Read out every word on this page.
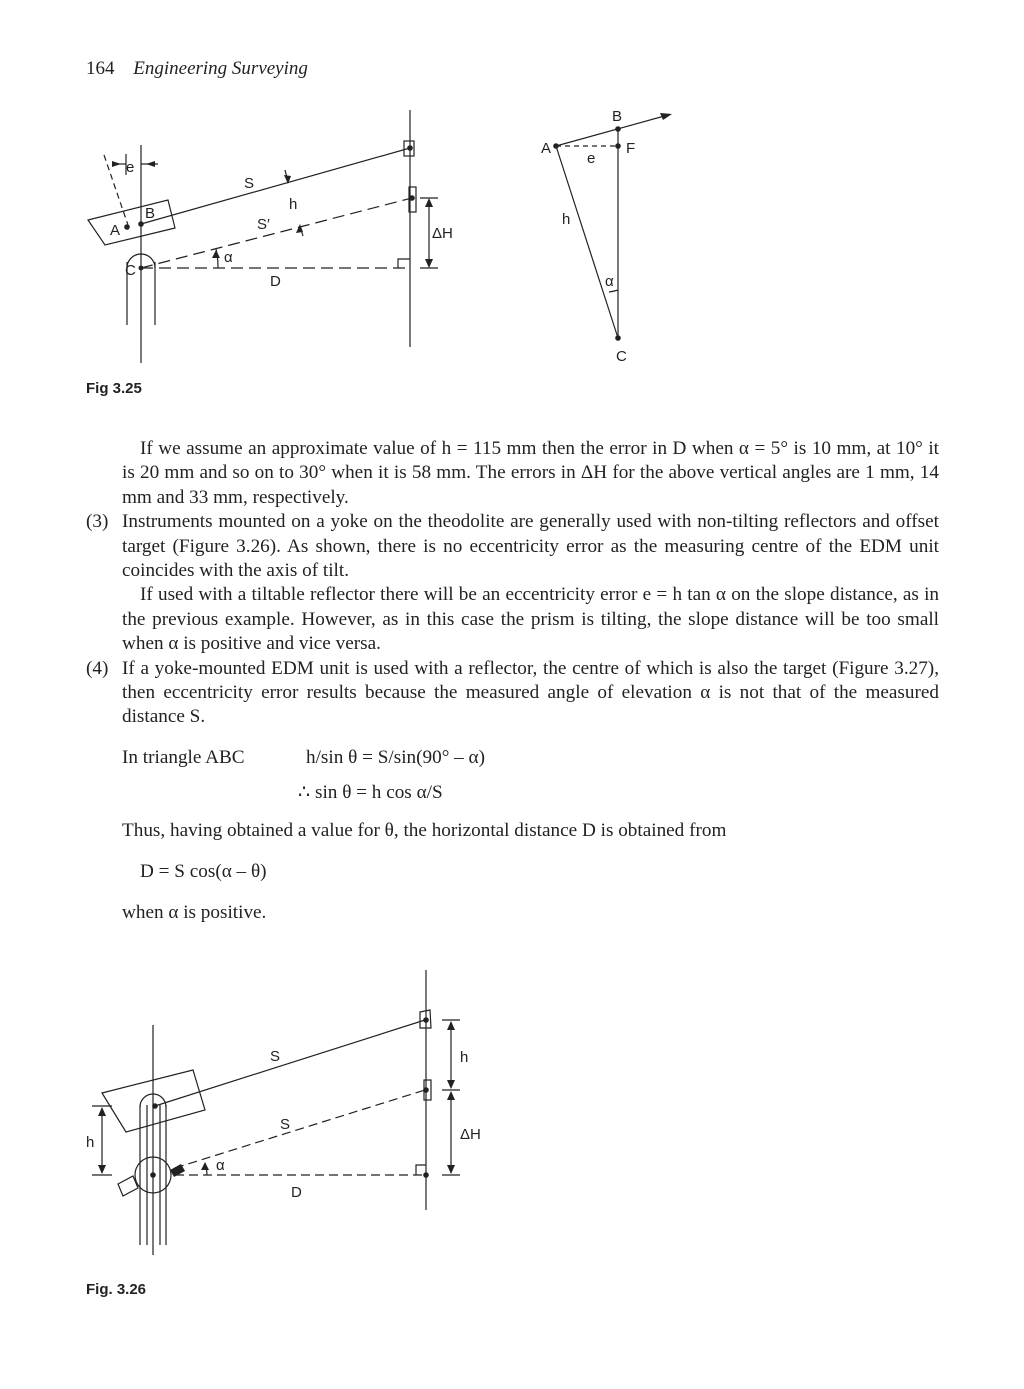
164 Engineering Surveying
e
S
h
S′
B
A
C
α
D
ΔH
B
A	F
e
h
α
C
Fig 3.25

If we assume an approximate value of h = 115 mm then the error in D when α = 5° is 10 mm, at 10° it is 20 mm and so on to 30° when it is 58 mm. The errors in ΔH for the above vertical angles are 1 mm, 14 mm and 33 mm, respectively.

(3) Instruments mounted on a yoke on the theodolite are generally used with non-tilting reflectors and offset target (Figure 3.26). As shown, there is no eccentricity error as the measuring centre of the EDM unit coincides with the axis of tilt.

If used with a tiltable reflector there will be an eccentricity error e = h tan α on the slope distance, as in the previous example. However, as in this case the prism is tilting, the slope distance will be too small when α is positive and vice versa.

(4) If a yoke-mounted EDM unit is used with a reflector, the centre of which is also the target (Figure 3.27), then eccentricity error results because the measured angle of elevation α is not that of the measured distance S.
In triangle ABC	h/sin θ = S/sin(90° – α)
∴ sin θ = h cos α/S
Thus, having obtained a value for θ, the horizontal distance D is obtained from
D = S cos(α – θ)
when α is positive.
S	h
S
ΔH
h
α
D
Fig. 3.26
